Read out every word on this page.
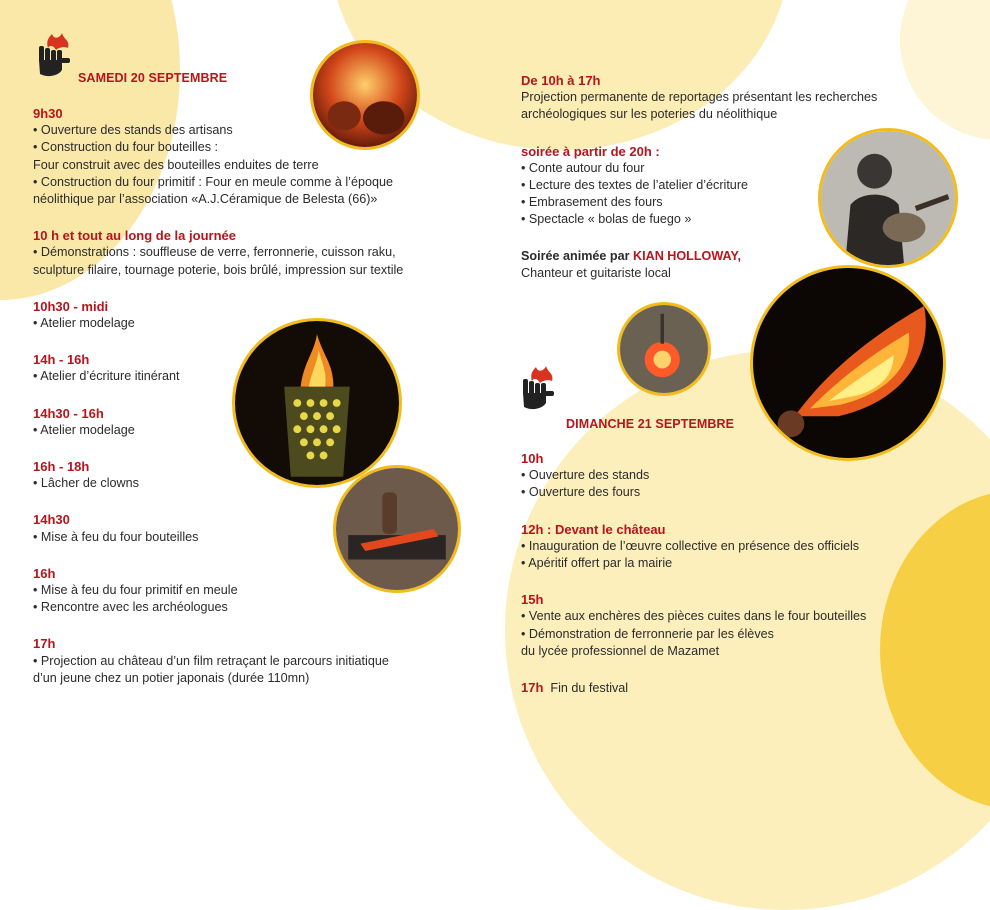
SAMEDI 20 SEPTEMBRE
DIMANCHE 21 SEPTEMBRE

9h30

• Ouverture des stands des artisans

• Construction du four bouteilles :

Four construit avec des bouteilles enduites de terre

• Construction du four primitif : Four en meule comme à l’époque

néolithique par l’association «A.J.Céramique de Belesta (66)»

10 h et tout au long de la journée

• Démonstrations : souffleuse de verre, ferronnerie, cuisson raku,

sculpture filaire, tournage poterie, bois brûlé, impression sur textile

10h30 - midi

• Atelier modelage

14h - 16h

• Atelier d’écriture itinérant

14h30 - 16h

• Atelier modelage

16h - 18h

• Lâcher de clowns

14h30

• Mise à feu du four bouteilles

16h

• Mise à feu du four primitif en meule

• Rencontre avec les archéologues

17h

• Projection au château d’un film retraçant le parcours initiatique

d’un jeune chez un potier japonais (durée 110mn)

De 10h à 17h

Projection permanente de reportages présentant les recherches

archéologiques sur les poteries du néolithique

soirée à partir de 20h :

• Conte autour du four

• Lecture des textes de l’atelier d’écriture

• Embrasement des fours

• Spectacle « bolas de fuego »

Soirée animée par KIAN HOLLOWAY,

Chanteur et guitariste local

10h

• Ouverture des stands

• Ouverture des fours

12h : Devant le château

• Inauguration de l’œuvre collective en présence des officiels

• Apéritif offert par la mairie

15h

• Vente aux enchères des pièces cuites dans le four bouteilles

• Démonstration de ferronnerie par les élèves

du lycée professionnel de Mazamet

17h Fin du festival
